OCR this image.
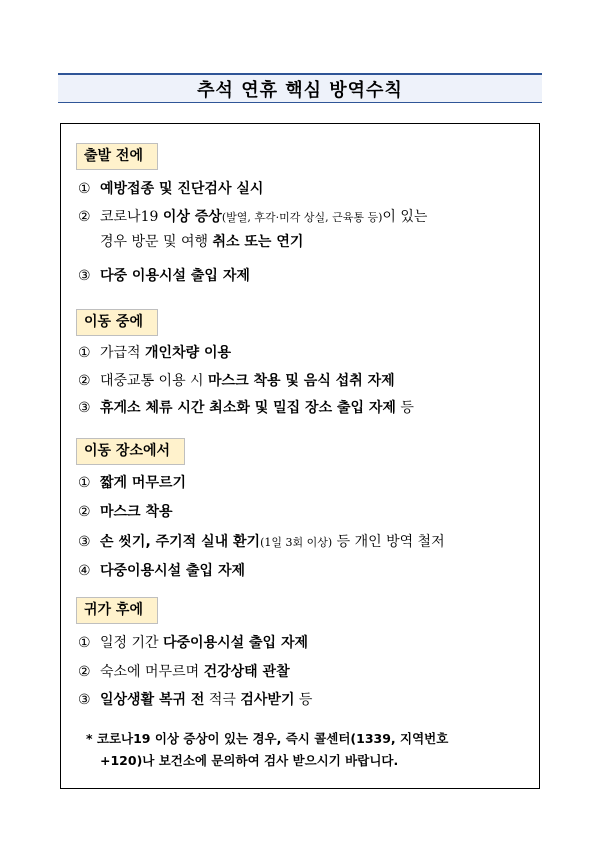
추석 연휴 핵심 방역수칙
출발 전에
① 예방접종 및 진단검사 실시
② 코로나19 이상 증상(발열, 후각·미각 상실, 근육통 등)이 있는
경우 방문 및 여행 취소 또는 연기
③ 다중 이용시설 출입 자제
이동 중에
① 가급적 개인차량 이용
② 대중교통 이용 시 마스크 착용 및 음식 섭취 자제
③ 휴게소 체류 시간 최소화 및 밀집 장소 출입 자제 등
이동 장소에서
① 짧게 머무르기
② 마스크 착용
③ 손 씻기, 주기적 실내 환기(1일 3회 이상) 등 개인 방역 철저
④ 다중이용시설 출입 자제
귀가 후에
① 일정 기간 다중이용시설 출입 자제
② 숙소에 머무르며 건강상태 관찰
③ 일상생활 복귀 전 적극 검사받기 등
* 코로나19 이상 증상이 있는 경우, 즉시 콜센터(1339, 지역번호
+120)나 보건소에 문의하여 검사 받으시기 바랍니다.
